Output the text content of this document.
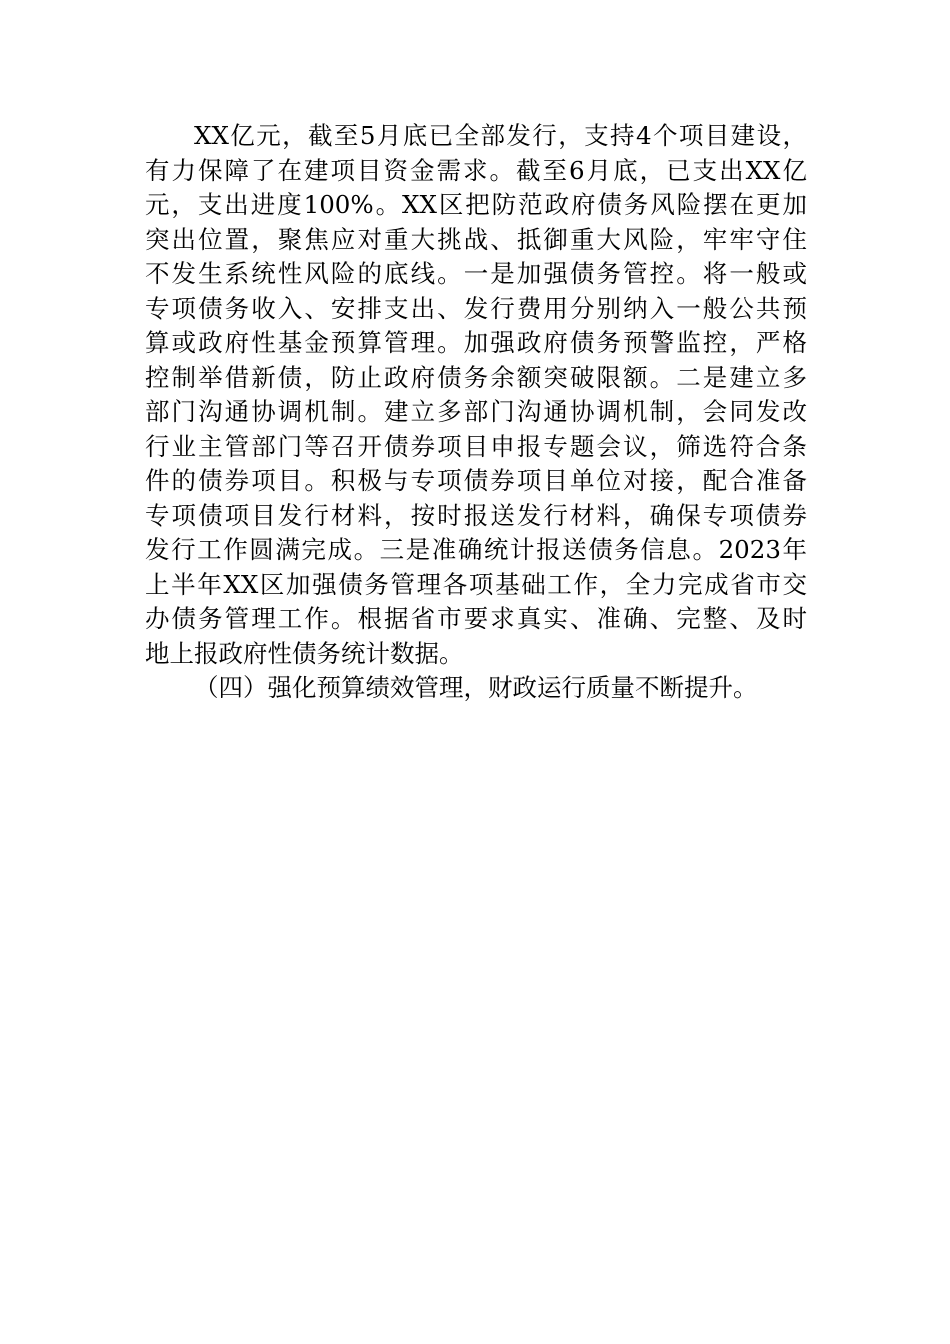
XX亿元，截至5月底已全部发行，支持4个项目建设，
有力保障了在建项目资金需求。截至6月底，已支出XX亿
元，支出进度100%。XX区把防范政府债务风险摆在更加
突出位置，聚焦应对重大挑战、抵御重大风险，牢牢守住
不发生系统性风险的底线。一是加强债务管控。将一般或
专项债务收入、安排支出、发行费用分别纳入一般公共预
算或政府性基金预算管理。加强政府债务预警监控，严格
控制举借新债，防止政府债务余额突破限额。二是建立多
部门沟通协调机制。建立多部门沟通协调机制，会同发改
行业主管部门等召开债券项目申报专题会议，筛选符合条
件的债券项目。积极与专项债券项目单位对接，配合准备
专项债项目发行材料，按时报送发行材料，确保专项债券
发行工作圆满完成。三是准确统计报送债务信息。2023年
上半年XX区加强债务管理各项基础工作，全力完成省市交
办债务管理工作。根据省市要求真实、准确、完整、及时
地上报政府性债务统计数据。
（四）强化预算绩效管理，财政运行质量不断提升。
